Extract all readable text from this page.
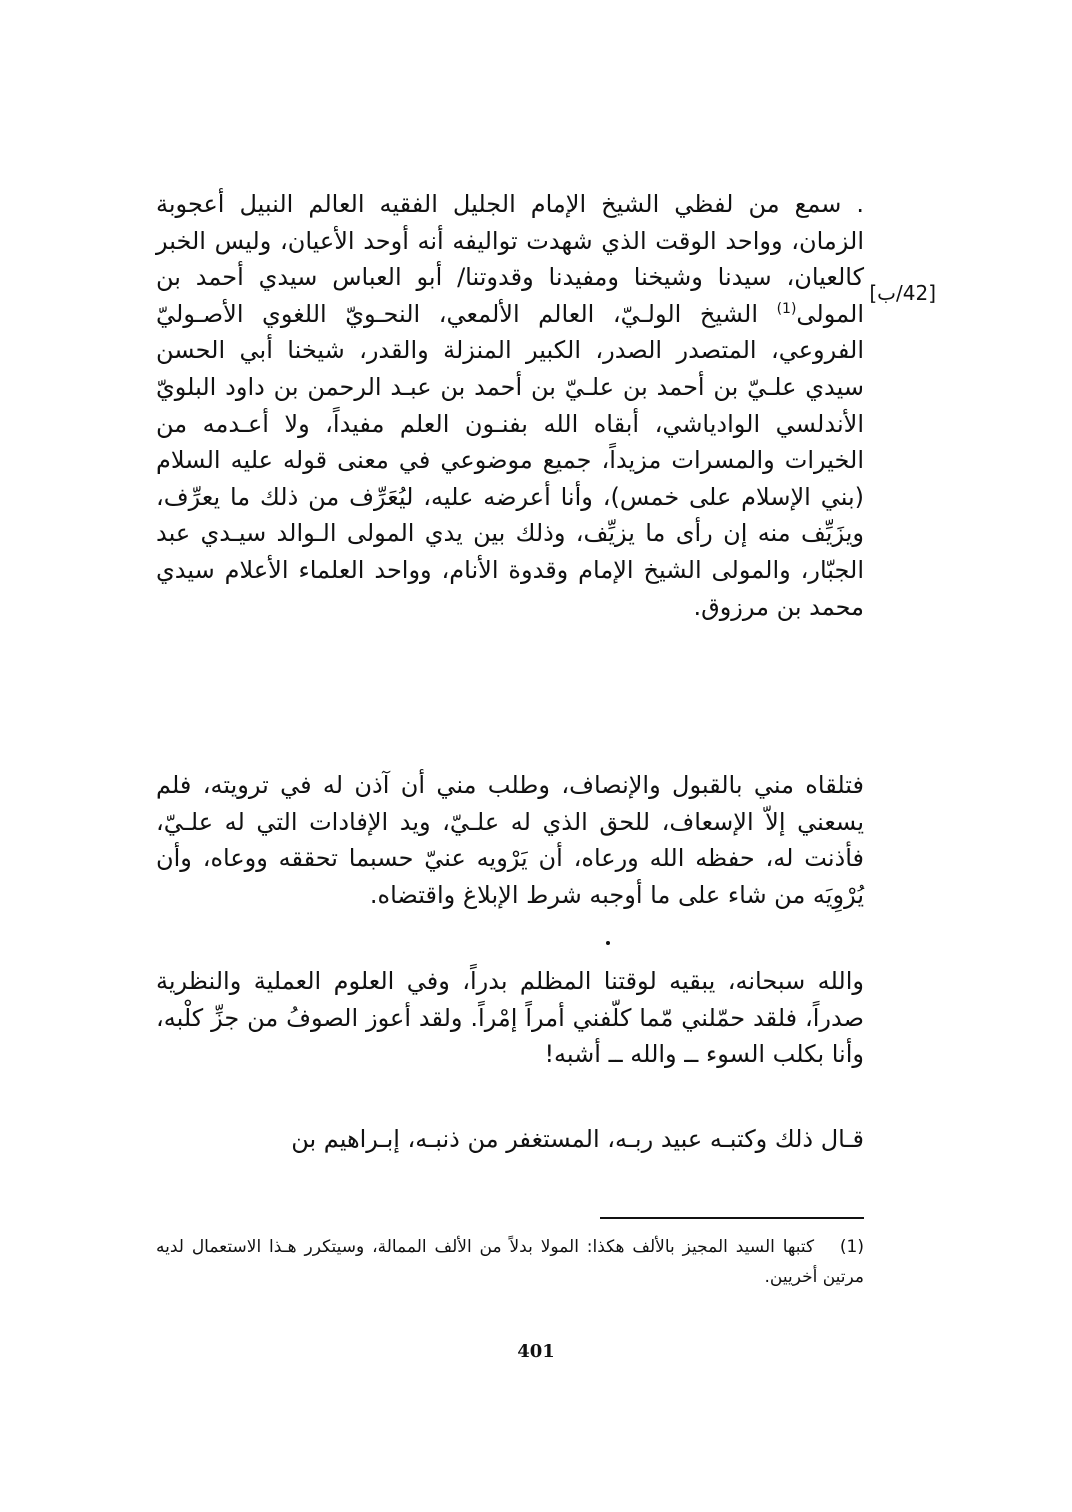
[42/ب]
. سمع من لفظي الشيخ الإمام الجليل الفقيه العالم النبيل أعجوبة الزمان، وواحد الوقت الذي شهدت تواليفه أنه أوحد الأعيان، وليس الخبر كالعيان، سيدنا وشيخنا ومفيدنا وقدوتنا/ أبو العباس سيدي أحمد بن المولى$^{(1)}$ الشيخ الولـيّ، العالم الألمعي، النحـويّ اللغوي الأصـوليّ الفروعي، المتصدر الصدر، الكبير المنزلة والقدر، شيخنا أبي الحسن سيدي علـيّ بن أحمد بن علـيّ بن أحمد بن عبـد الرحمن بن داود البلويّ الأندلسي الوادياشي، أبقاه الله بفنـون العلم مفيداً، ولا أعـدمه من الخيرات والمسرات مزيداً، جميع موضوعي في معنى قوله عليه السلام (بني الإسلام على خمس)، وأنا أعرضه عليه، ليُعَرِّف من ذلك ما يعرِّف، ويزَيِّف منه إن رأى ما يزيِّف، وذلك بين يدي المولى الـوالد سيـدي عبد الجبّار، والمولى الشيخ الإمام وقدوة الأنام، وواحد العلماء الأعلام سيدي محمد بن مرزوق.
فتلقاه مني بالقبول والإنصاف، وطلب مني أن آذن له في ترويته، فلم يسعني إلاّ الإسعاف، للحق الذي له علـيّ، ويد الإفادات التي له علـيّ، فأذنت له، حفظه الله ورعاه، أن يَرْويه عنيّ حسبما تحققه ووعاه، وأن يُرْوِيَه من شاء على ما أوجبه شرط الإبلاغ واقتضاه.
والله سبحانه، يبقيه لوقتنا المظلم بدراً، وفي العلوم العملية والنظرية صدراً، فلقد حمّلني مّما كلّفني أمراً إمْراً. ولقد أعوز الصوفُ من جزِّ كلْبه، وأنا بكلب السوء ــ والله ــ أشبه!
قـال ذلك وكتبـه عبيد ربـه، المستغفر من ذنبـه، إبـراهيم بن
(1) كتبها السيد المجيز بالألف هكذا: المولا بدلاً من الألف الممالة، وسيتكرر هـذا الاستعمال لديه مرتين أخريين.
401
